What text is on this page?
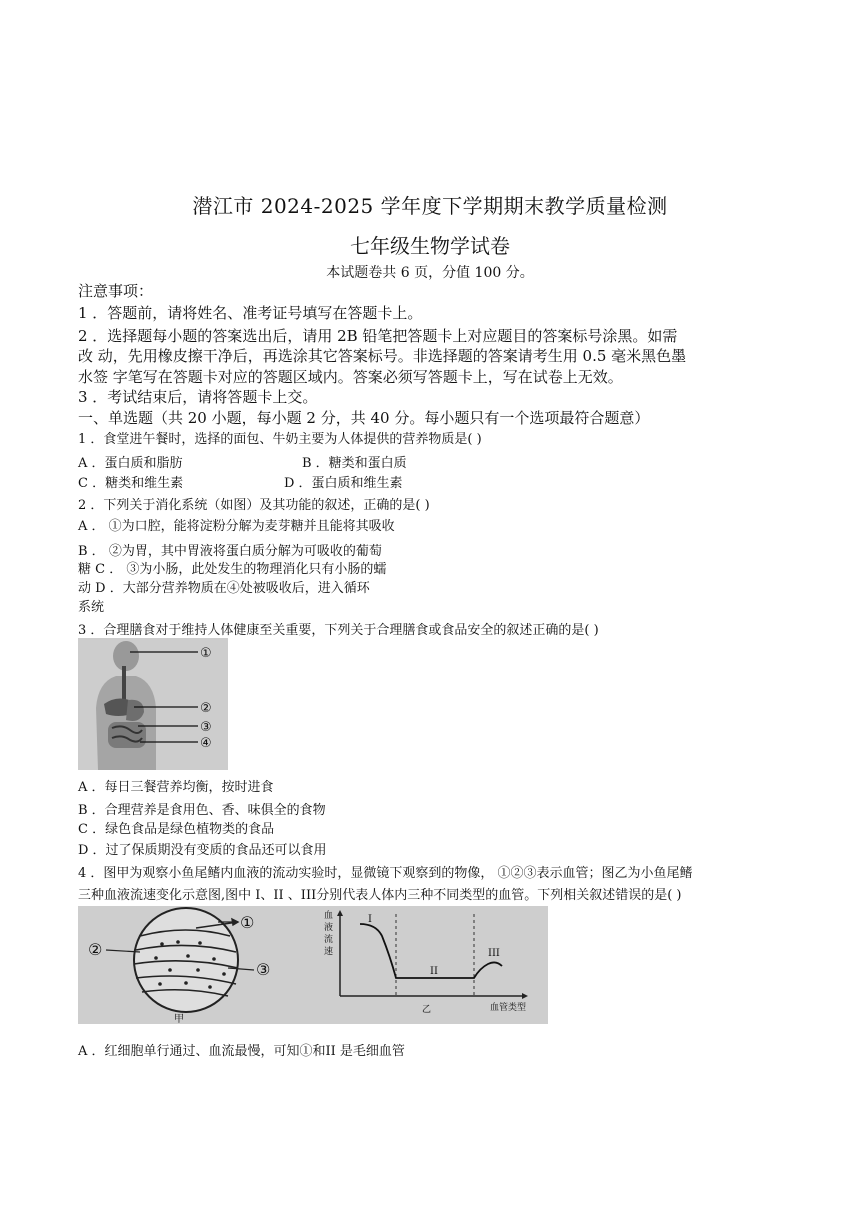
潜江市 2024-2025 学年度下学期期末教学质量检测
七年级生物学试卷
本试题卷共 6 页，分值 100 分。
注意事项：
1 ．答题前，请将姓名、准考证号填写在答题卡上。
2 ．选择题每小题的答案选出后，请用 2B 铅笔把答题卡上对应题目的答案标号涂黑。如需
改 动，先用橡皮擦干净后，再选涂其它答案标号。非选择题的答案请考生用 0.5 毫米黑色墨
水签 字笔写在答题卡对应的答题区域内。答案必须写答题卡上，写在试卷上无效。
3 ．考试结束后，请将答题卡上交。
一、单选题（共 20 小题，每小题 2 分，共 40 分。每小题只有一个选项最符合题意）
1 ．食堂进午餐时，选择的面包、牛奶主要为人体提供的营养物质是( )
A ．蛋白质和脂肪	B ．糖类和蛋白质
C ．糖类和维生素	D ．蛋白质和维生素
2 ．下列关于消化系统（如图）及其功能的叙述，正确的是( )
A ． ①为口腔，能将淀粉分解为麦芽糖并且能将其吸收
B ． ②为胃，其中胃液将蛋白质分解为可吸收的葡萄
糖 C ． ③为小肠，此处发生的物理消化只有小肠的蠕
动 D ．大部分营养物质在④处被吸收后，进入循环
系统
3 ．合理膳食对于维持人体健康至关重要，下列关于合理膳食或食品安全的叙述正确的是( )
①
②
③
④
A ．每日三餐营养均衡，按时进食
B ．合理营养是食用色、香、味俱全的食物
C ．绿色食品是绿色植物类的食品
D ．过了保质期没有变质的食品还可以食用
4 ．图甲为观察小鱼尾鳍内血液的流动实验时，显微镜下观察到的物像， ①②③表示血管；图乙为小鱼尾鳍
三种血液流速变化示意图,图中 I、II 、III分别代表人体内三种不同类型的血管。下列相关叙述错误的是( )
①
②
③
甲
血
液
流
速
血管类型
乙
I
II
III
A ．红细胞单行通过、血流最慢，可知①和II 是毛细血管
